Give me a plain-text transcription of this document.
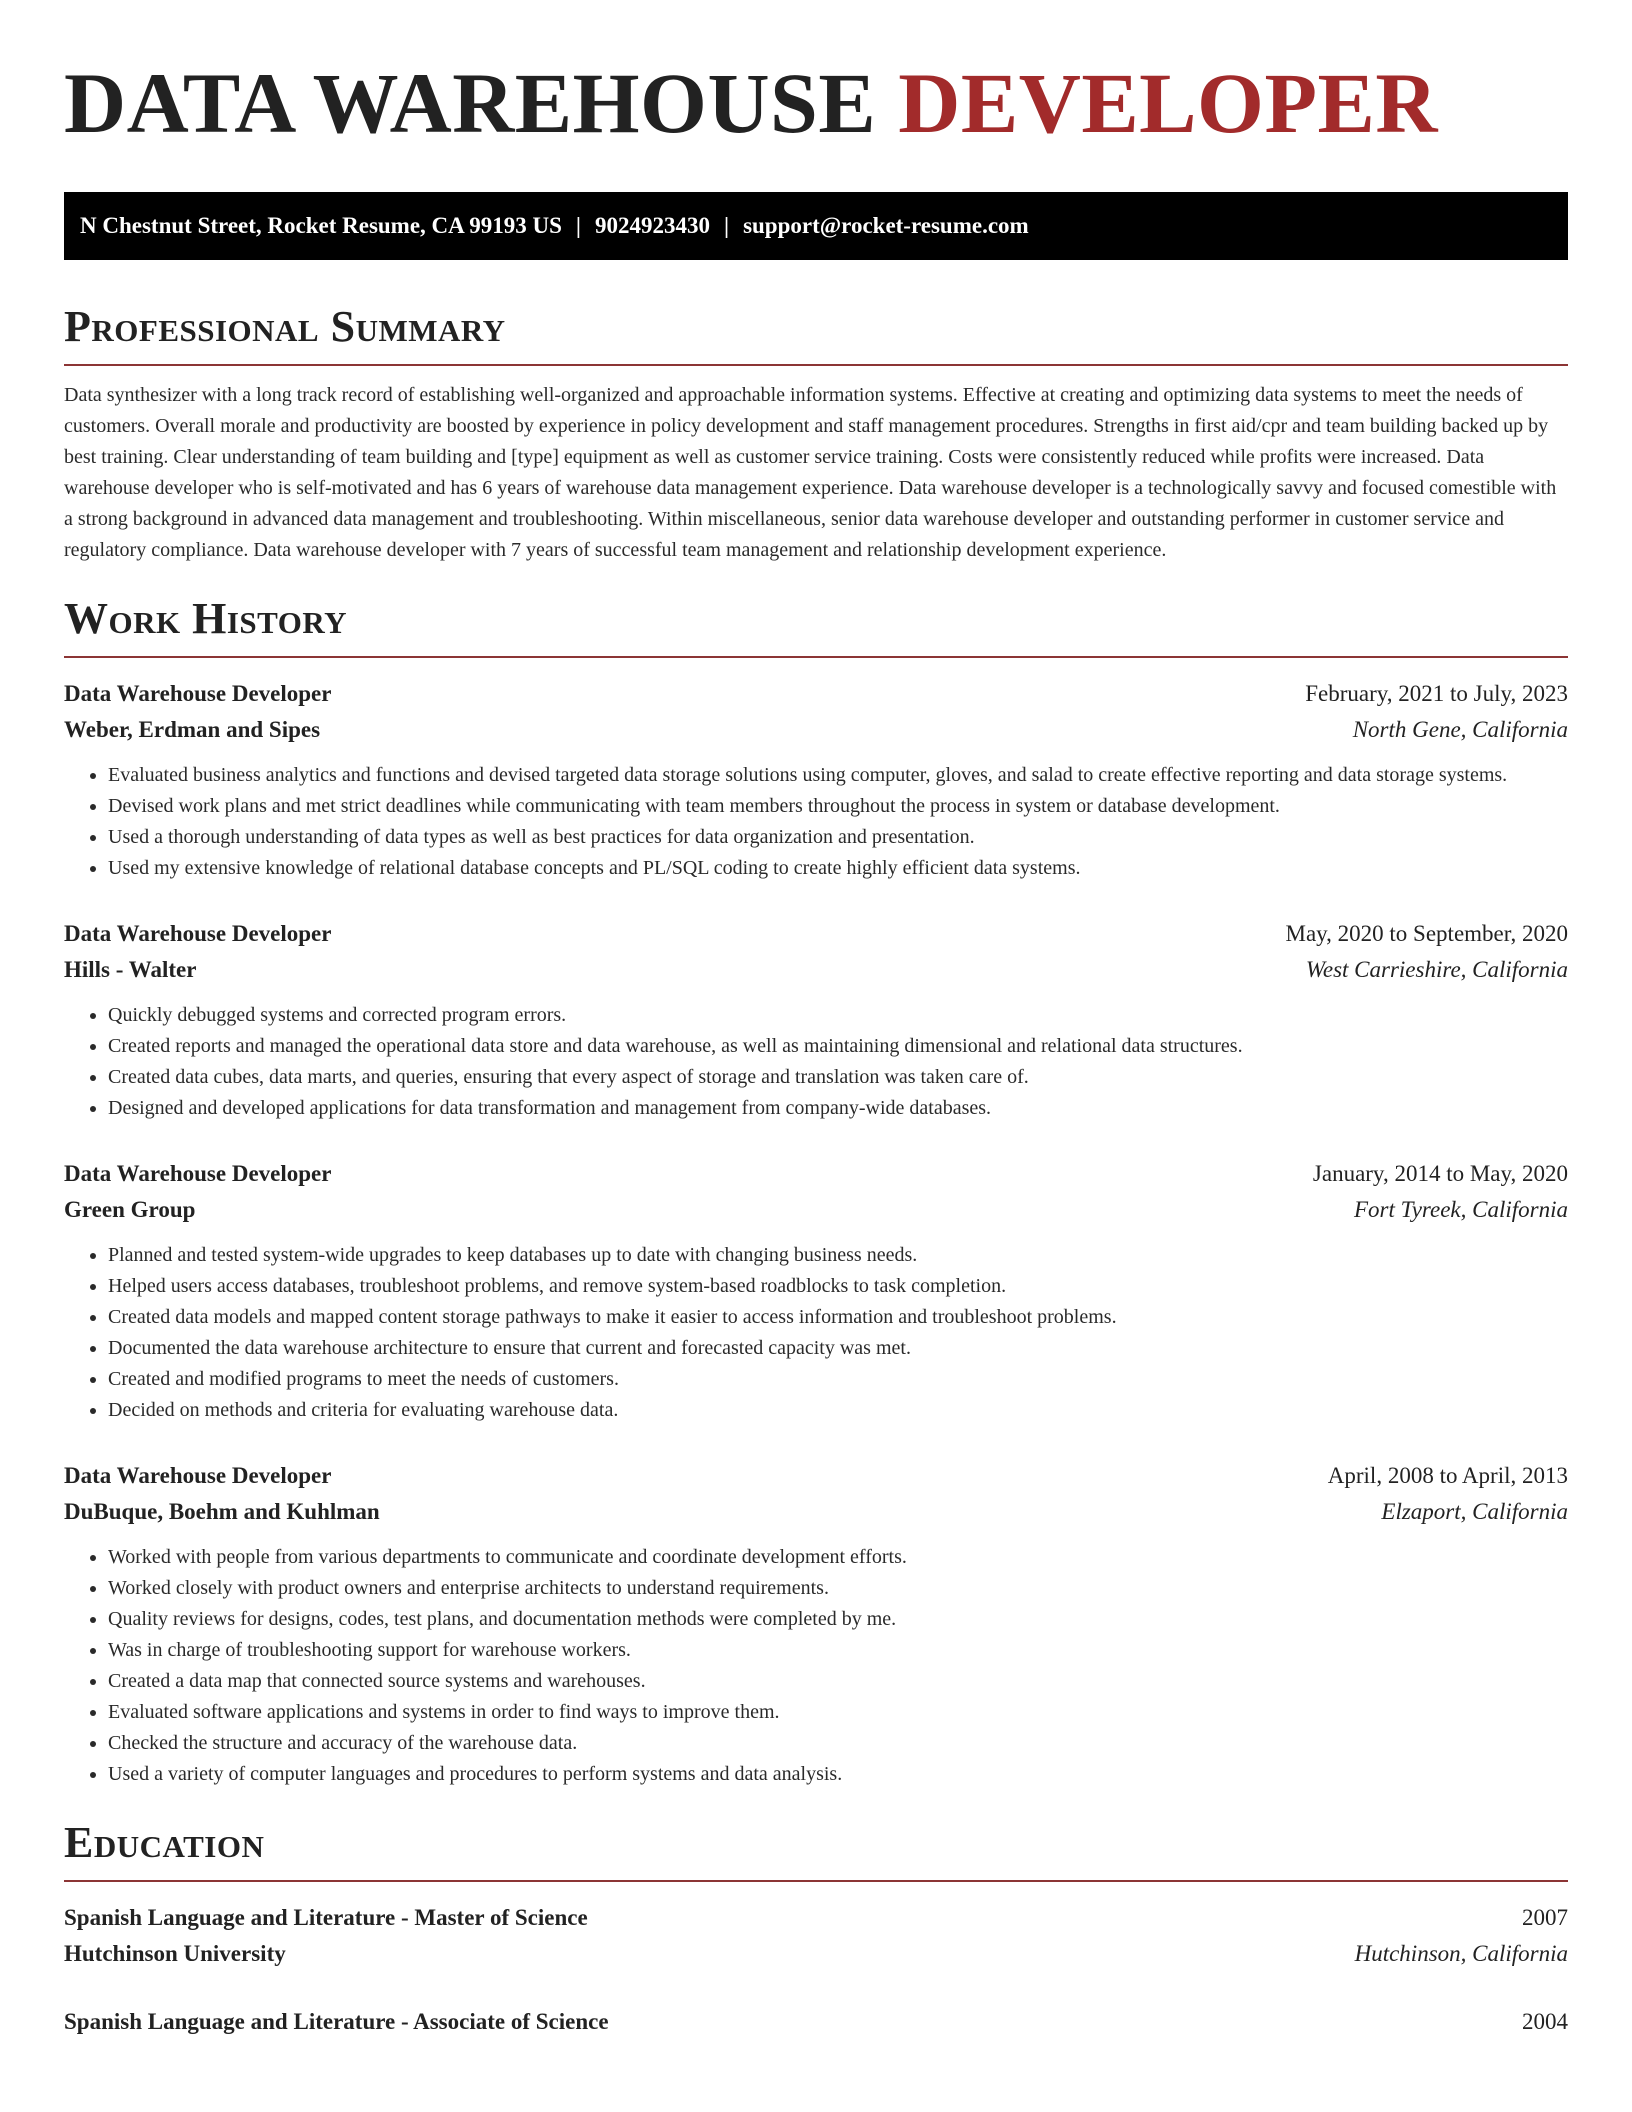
DATA WAREHOUSE DEVELOPER
N Chestnut Street, Rocket Resume, CA 99193 US | 9024923430 | support@rocket-resume.com
Professional Summary

Data synthesizer with a long track record of establishing well-organized and approachable information systems. Effective at creating and optimizing data systems to meet the needs of customers. Overall morale and productivity are boosted by experience in policy development and staff management procedures. Strengths in first aid/cpr and team building backed up by best training. Clear understanding of team building and [type] equipment as well as customer service training. Costs were consistently reduced while profits were increased. Data warehouse developer who is self-motivated and has 6 years of warehouse data management experience. Data warehouse developer is a technologically savvy and focused comestible with a strong background in advanced data management and troubleshooting. Within miscellaneous, senior data warehouse developer and outstanding performer in customer service and regulatory compliance. Data warehouse developer with 7 years of successful team management and relationship development experience.

Work History
Data Warehouse Developer	February, 2021 to July, 2023
Weber, Erdman and Sipes	North Gene, California
• Evaluated business analytics and functions and devised targeted data storage solutions using computer, gloves, and salad to create effective reporting and data storage systems.
• Devised work plans and met strict deadlines while communicating with team members throughout the process in system or database development.
• Used a thorough understanding of data types as well as best practices for data organization and presentation.
• Used my extensive knowledge of relational database concepts and PL/SQL coding to create highly efficient data systems.
Data Warehouse Developer	May, 2020 to September, 2020
Hills - Walter	West Carrieshire, California
• Quickly debugged systems and corrected program errors.
• Created reports and managed the operational data store and data warehouse, as well as maintaining dimensional and relational data structures.
• Created data cubes, data marts, and queries, ensuring that every aspect of storage and translation was taken care of.
• Designed and developed applications for data transformation and management from company-wide databases.
Data Warehouse Developer	January, 2014 to May, 2020
Green Group	Fort Tyreek, California
• Planned and tested system-wide upgrades to keep databases up to date with changing business needs.
• Helped users access databases, troubleshoot problems, and remove system-based roadblocks to task completion.
• Created data models and mapped content storage pathways to make it easier to access information and troubleshoot problems.
• Documented the data warehouse architecture to ensure that current and forecasted capacity was met.
• Created and modified programs to meet the needs of customers.
• Decided on methods and criteria for evaluating warehouse data.
Data Warehouse Developer	April, 2008 to April, 2013
DuBuque, Boehm and Kuhlman	Elzaport, California
• Worked with people from various departments to communicate and coordinate development efforts.
• Worked closely with product owners and enterprise architects to understand requirements.
• Quality reviews for designs, codes, test plans, and documentation methods were completed by me.
• Was in charge of troubleshooting support for warehouse workers.
• Created a data map that connected source systems and warehouses.
• Evaluated software applications and systems in order to find ways to improve them.
• Checked the structure and accuracy of the warehouse data.
• Used a variety of computer languages and procedures to perform systems and data analysis.
Education
Spanish Language and Literature - Master of Science	2007
Hutchinson University	Hutchinson, California
Spanish Language and Literature - Associate of Science	2004
